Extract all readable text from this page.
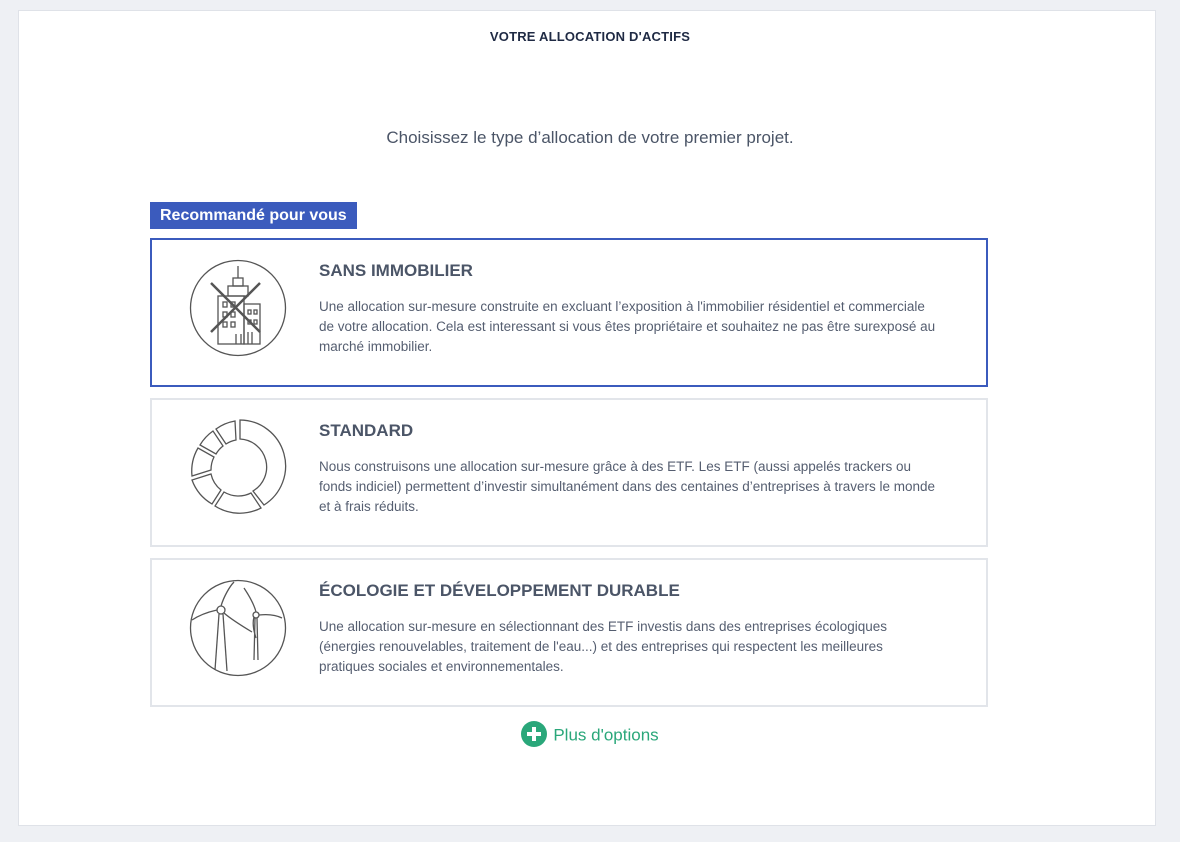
VOTRE ALLOCATION D'ACTIFS
Choisissez le type d’allocation de votre premier projet.
Recommandé pour vous
SANS IMMOBILIER
Une allocation sur-mesure construite en excluant l’exposition à l'immobilier résidentiel et commerciale de votre allocation. Cela est interessant si vous êtes propriétaire et souhaitez ne pas être surexposé au marché immobilier.
STANDARD
Nous construisons une allocation sur-mesure grâce à des ETF. Les ETF (aussi appelés trackers ou fonds indiciel) permettent d’investir simultanément dans des centaines d’entreprises à travers le monde et à frais réduits.
ÉCOLOGIE ET DÉVELOPPEMENT DURABLE
Une allocation sur-mesure en sélectionnant des ETF investis dans des entreprises écologiques (énergies renouvelables, traitement de l'eau...) et des entreprises qui respectent les meilleures pratiques sociales et environnementales.
Plus d'options
